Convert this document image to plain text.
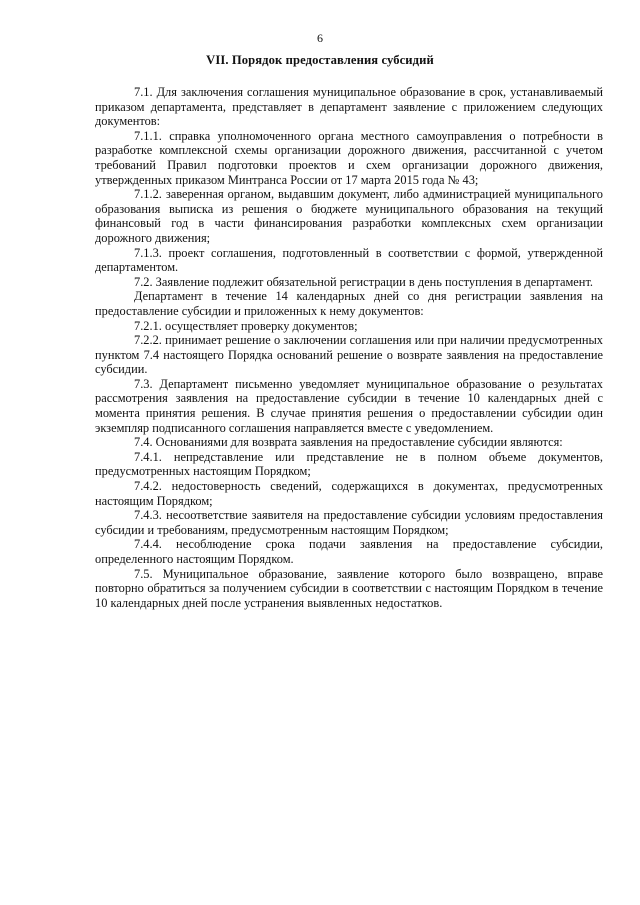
6
VII. Порядок предоставления субсидий

7.1. Для заключения соглашения муниципальное образование в срок, устанавливаемый приказом департамента, представляет в департамент заявление с приложением следующих документов:

7.1.1. справка уполномоченного органа местного самоуправления о потребности в разработке комплексной схемы организации дорожного движения, рассчитанной с учетом требований Правил подготовки проектов и схем организации дорожного движения, утвержденных приказом Минтранса России от 17 марта 2015 года № 43;

7.1.2. заверенная органом, выдавшим документ, либо администрацией муниципального образования выписка из решения о бюджете муниципального образования на текущий финансовый год в части финансирования разработки комплексных схем организации дорожного движения;

7.1.3. проект соглашения, подготовленный в соответствии с формой, утвержденной департаментом.

7.2. Заявление подлежит обязательной регистрации в день поступления в департамент.

Департамент в течение 14 календарных дней со дня регистрации заявления на предоставление субсидии и приложенных к нему документов:

7.2.1. осуществляет проверку документов;

7.2.2. принимает решение о заключении соглашения или при наличии предусмотренных пунктом 7.4 настоящего Порядка оснований решение о возврате заявления на предоставление субсидии.

7.3. Департамент письменно уведомляет муниципальное образование о результатах рассмотрения заявления на предоставление субсидии в течение 10 календарных дней с момента принятия решения. В случае принятия решения о предоставлении субсидии один экземпляр подписанного соглашения направляется вместе с уведомлением.

7.4. Основаниями для возврата заявления на предоставление субсидии являются:

7.4.1. непредставление или представление не в полном объеме документов, предусмотренных настоящим Порядком;

7.4.2. недостоверность сведений, содержащихся в документах, предусмотренных настоящим Порядком;

7.4.3. несоответствие заявителя на предоставление субсидии условиям предоставления субсидии и требованиям, предусмотренным настоящим Порядком;

7.4.4. несоблюдение срока подачи заявления на предоставление субсидии, определенного настоящим Порядком.

7.5. Муниципальное образование, заявление которого было возвращено, вправе повторно обратиться за получением субсидии в соответствии с настоящим Порядком в течение 10 календарных дней после устранения выявленных недостатков.
